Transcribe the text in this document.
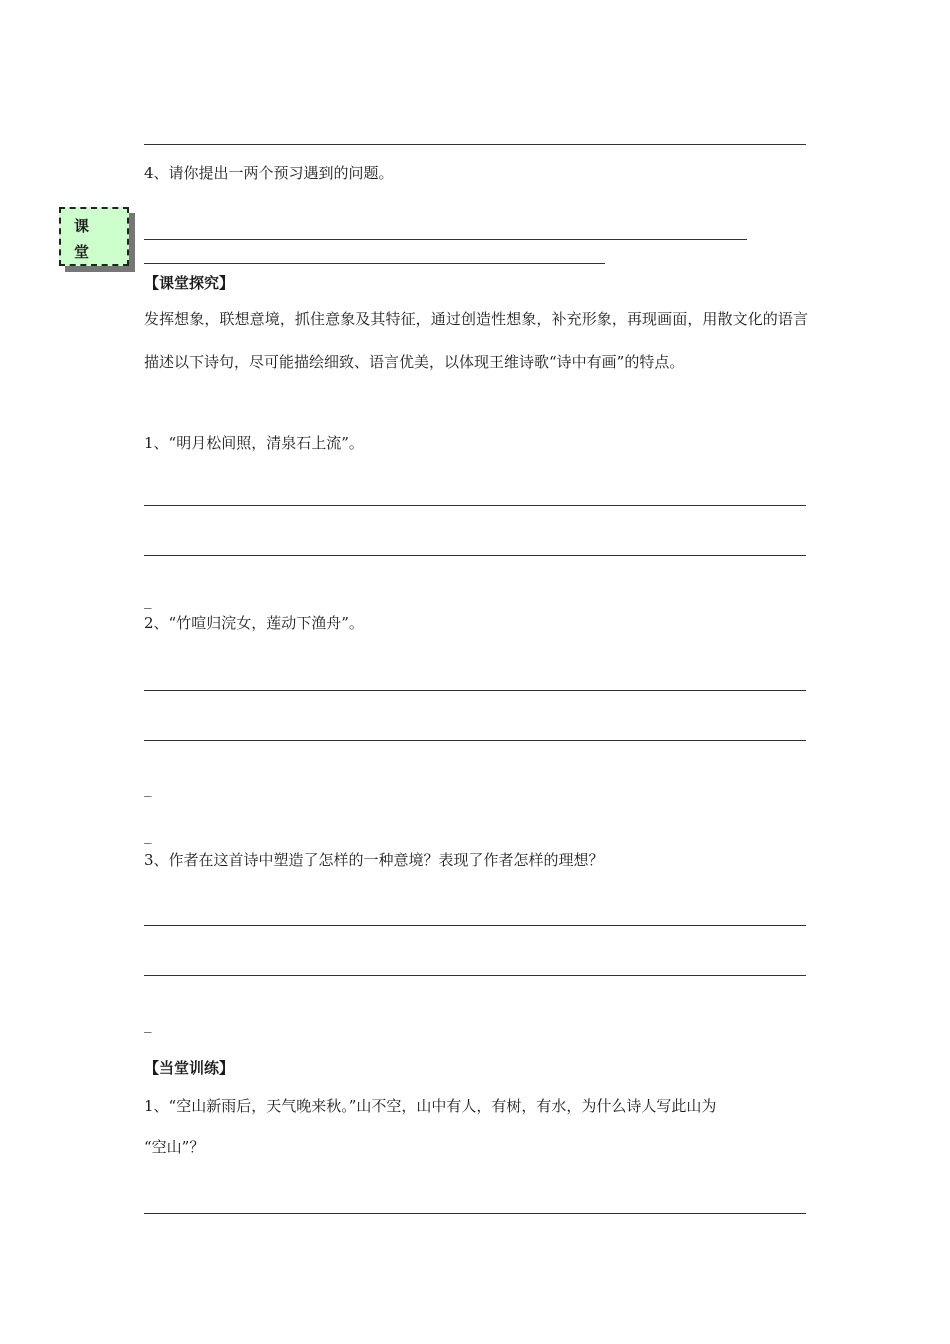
4、请你提出一两个预习遇到的问题。
课
堂
【课堂探究】
发挥想象，联想意境，抓住意象及其特征，通过创造性想象，补充形象，再现画面，用散文化的语言描述以下诗句，尽可能描绘细致、语言优美，以体现王维诗歌“诗中有画”的特点。
1、“明月松间照，清泉石上流”。
_
2、“竹喧归浣女，莲动下渔舟”。
_
_
3、作者在这首诗中塑造了怎样的一种意境？表现了作者怎样的理想？
_
【当堂训练】
1、“空山新雨后，天气晚来秋。”山不空，山中有人，有树，有水，为什么诗人写此山为
“空山”？
